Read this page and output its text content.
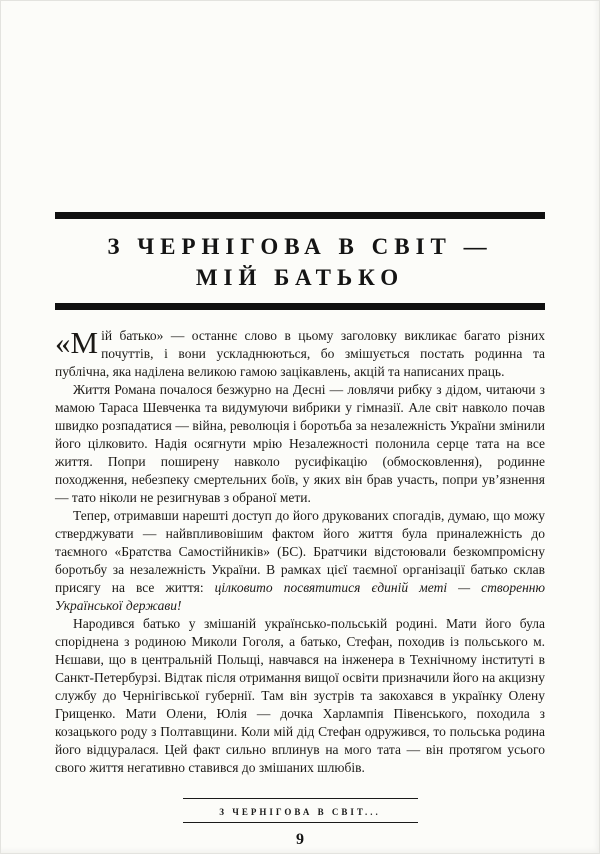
З ЧЕРНІГОВА В СВІТ —
МІЙ БАТЬКО

«Мій батько» — останнє слово в цьому заголовку викликає багато різних почуттів, і вони ускладнюються, бо змішується постать родинна та публічна, яка наділена великою гамою зацікавлень, акцій та написаних праць.

Життя Романа почалося безжурно на Десні — ловлячи рибку з дідом, читаючи з мамою Тараса Шевченка та видумуючи вибрики у гімназії. Але світ навколо почав швидко розпадатися — війна, революція і боротьба за незалежність України змінили його цілковито. Надія осягнути мрію Незалежності полонила серце тата на все життя. Попри поширену навколо русифікацію (обмосковлення), родинне походження, небезпеку смертельних боїв, у яких він брав участь, попри ув’язнення — тато ніколи не резигнував з обраної мети.

Тепер, отримавши нарешті доступ до його друкованих спогадів, думаю, що можу стверджувати — найвпливовішим фактом його життя була приналежність до таємного «Братства Самостійників» (БС). Братчики відстоювали безкомпромісну боротьбу за незалежність України. В рамках цієї таємної організації батько склав присягу на все життя: цілковито посвятитися єдиній меті — створенню Української держави!

Народився батько у змішаній українсько-польській родині. Мати його була споріднена з родиною Миколи Гоголя, а батько, Стефан, походив із польського м. Нєшави, що в центральній Польщі, навчався на інженера в Технічному інституті в Санкт-Петербурзі. Відтак після отримання вищої освіти призначили його на акцизну службу до Чернігівської губернії. Там він зустрів та закохався в українку Олену Грищенко. Мати Олени, Юлія — дочка Харлампія Півенського, походила з козацького роду з Полтавщини. Коли мій дід Стефан одружився, то польська родина його відцуралася. Цей факт сильно вплинув на мого тата — він протягом усього свого життя негативно ставився до змішаних шлюбів.

З ЧЕРНІГОВА В СВІТ...
9
